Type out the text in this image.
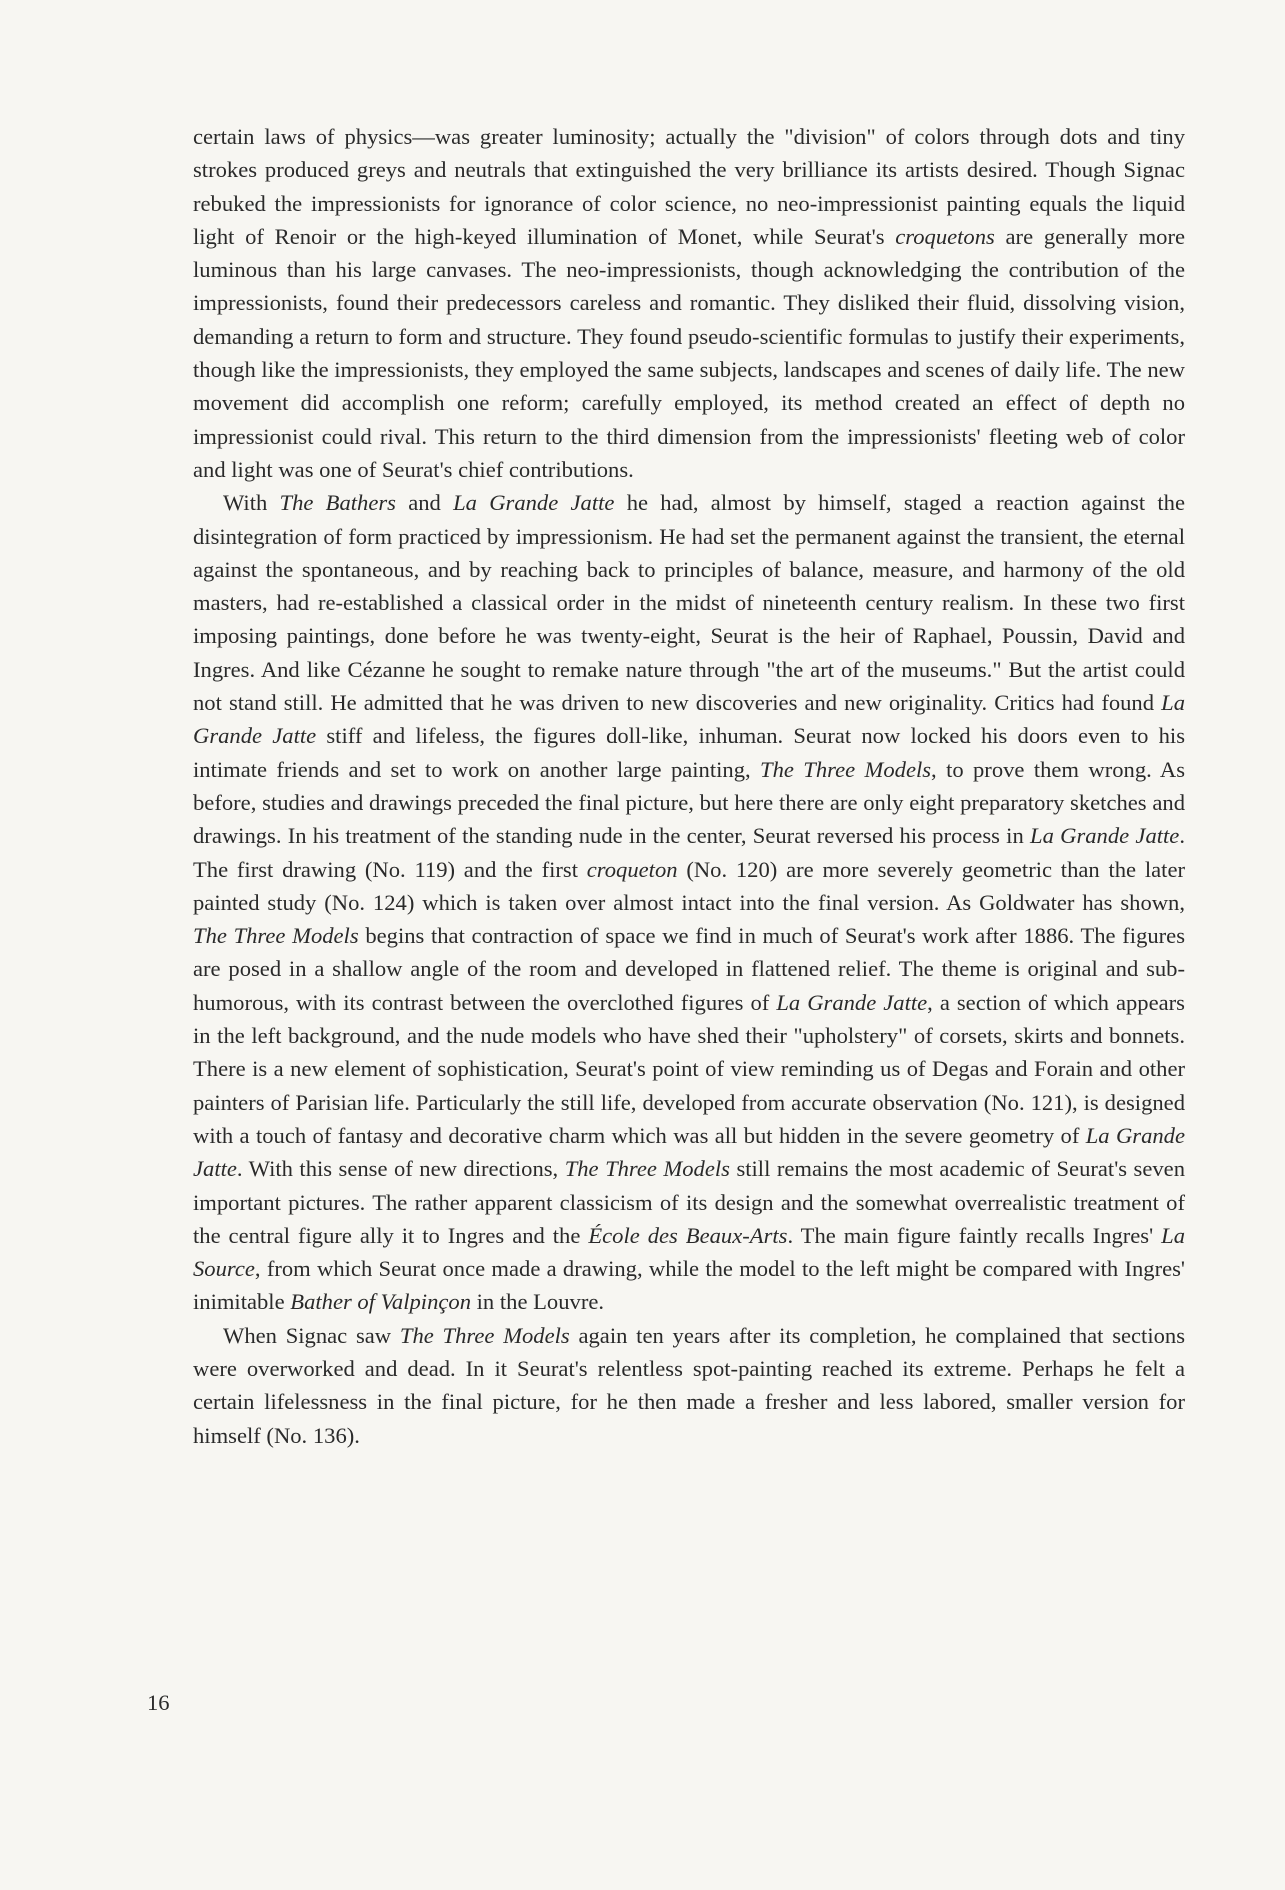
certain laws of physics—was greater luminosity; actually the "division" of colors through dots and tiny strokes produced greys and neutrals that extinguished the very brilliance its artists desired. Though Signac rebuked the impressionists for ignorance of color science, no neo-impressionist painting equals the liquid light of Renoir or the high-keyed illumination of Monet, while Seurat's croquetons are generally more luminous than his large canvases. The neo-impressionists, though acknowledging the contribution of the impressionists, found their predecessors careless and romantic. They disliked their fluid, dissolving vision, demanding a return to form and structure. They found pseudo-scientific formulas to justify their experiments, though like the impressionists, they employed the same subjects, landscapes and scenes of daily life. The new movement did accomplish one reform; carefully employed, its method created an effect of depth no impressionist could rival. This return to the third dimension from the impressionists' fleeting web of color and light was one of Seurat's chief contributions.

With The Bathers and La Grande Jatte he had, almost by himself, staged a reaction against the disintegration of form practiced by impressionism. He had set the permanent against the transient, the eternal against the spontaneous, and by reaching back to principles of balance, measure, and harmony of the old masters, had re-established a classical order in the midst of nineteenth century realism. In these two first imposing paintings, done before he was twenty-eight, Seurat is the heir of Raphael, Poussin, David and Ingres. And like Cézanne he sought to remake nature through "the art of the museums." But the artist could not stand still. He admitted that he was driven to new discoveries and new originality. Critics had found La Grande Jatte stiff and lifeless, the figures doll-like, inhuman. Seurat now locked his doors even to his intimate friends and set to work on another large painting, The Three Models, to prove them wrong. As before, studies and drawings preceded the final picture, but here there are only eight preparatory sketches and drawings. In his treatment of the standing nude in the center, Seurat reversed his process in La Grande Jatte. The first drawing (No. 119) and the first croqueton (No. 120) are more severely geometric than the later painted study (No. 124) which is taken over almost intact into the final version. As Goldwater has shown, The Three Models begins that contraction of space we find in much of Seurat's work after 1886. The figures are posed in a shallow angle of the room and developed in flattened relief. The theme is original and sub-humorous, with its contrast between the overclothed figures of La Grande Jatte, a section of which appears in the left background, and the nude models who have shed their "upholstery" of corsets, skirts and bonnets. There is a new element of sophistication, Seurat's point of view reminding us of Degas and Forain and other painters of Parisian life. Particularly the still life, developed from accurate observation (No. 121), is designed with a touch of fantasy and decorative charm which was all but hidden in the severe geometry of La Grande Jatte. With this sense of new directions, The Three Models still remains the most academic of Seurat's seven important pictures. The rather apparent classicism of its design and the somewhat overrealistic treatment of the central figure ally it to Ingres and the École des Beaux-Arts. The main figure faintly recalls Ingres' La Source, from which Seurat once made a drawing, while the model to the left might be compared with Ingres' inimitable Bather of Valpinçon in the Louvre.

When Signac saw The Three Models again ten years after its completion, he complained that sections were overworked and dead. In it Seurat's relentless spot-painting reached its extreme. Perhaps he felt a certain lifelessness in the final picture, for he then made a fresher and less labored, smaller version for himself (No. 136).

16
